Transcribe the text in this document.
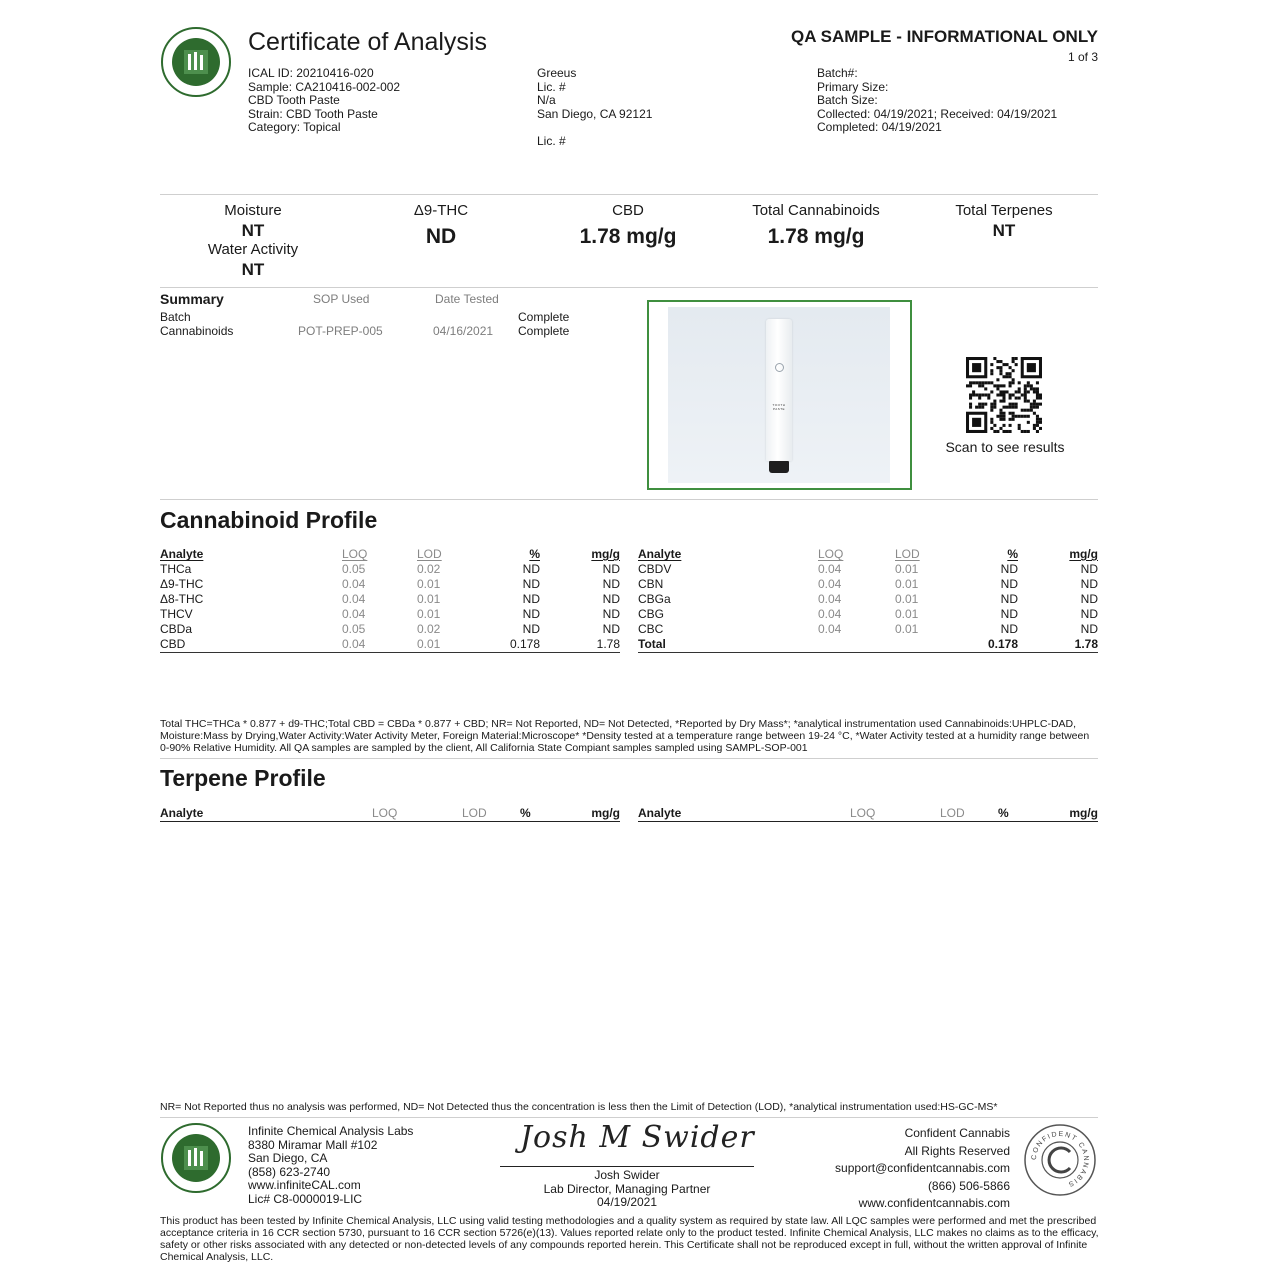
Certificate of Analysis	QA SAMPLE - INFORMATIONAL ONLY
1 of 3
ICAL ID: 20210416-020
Sample: CA210416-002-002
CBD Tooth Paste
Strain: CBD Tooth Paste
Category: Topical
Greeus
Lic. #
N/a
San Diego, CA 92121
Lic. #
Batch#:
Primary Size:
Batch Size:
Collected: 04/19/2021; Received: 04/19/2021
Completed: 04/19/2021
Moisture
NT
Water Activity
NT
Δ9-THC
ND
CBD
1.78 mg/g
Total Cannabinoids
1.78 mg/g
Total Terpenes
NT
Summary	SOP Used	Date Tested
Batch	Complete
Cannabinoids	POT-PREP-005	04/16/2021 Complete
TOOTH PASTE
Scan to see results
Cannabinoid Profile
Analyte	LOQ	LOD	%	mg/g
THCa	0.05	0.02	ND	ND
Δ9-THC	0.04	0.01	ND	ND
Δ8-THC	0.04	0.01	ND	ND
THCV	0.04	0.01	ND	ND
CBDa	0.05	0.02	ND	ND
CBD	0.04	0.01	0.178	1.78
Analyte	LOQ	LOD	%	mg/g
CBDV	0.04	0.01	ND	ND
CBN	0.04	0.01	ND	ND
CBGa	0.04	0.01	ND	ND
CBG	0.04	0.01	ND	ND
CBC	0.04	0.01	ND	ND
Total			0.178	1.78
Total THC=THCa * 0.877 + d9-THC;Total CBD = CBDa * 0.877 + CBD; NR= Not Reported, ND= Not Detected, *Reported by Dry Mass*; *analytical instrumentation used Cannabinoids:UHPLC-DAD, Moisture:Mass by Drying,Water Activity:Water Activity Meter, Foreign Material:Microscope* *Density tested at a temperature range between 19-24 °C, *Water Activity tested at a humidity range between 0-90% Relative Humidity. All QA samples are sampled by the client, All California State Compiant samples sampled using SAMPL-SOP-001
Terpene Profile
Analyte	LOQ	LOD	%	mg/g Analyte	LOQ	LOD	%	mg/g
NR= Not Reported thus no analysis was performed, ND= Not Detected thus the concentration is less then the Limit of Detection (LOD), *analytical instrumentation used:HS-GC-MS*
Infinite Chemical Analysis Labs
8380 Miramar Mall #102
San Diego, CA
(858) 623-2740
www.infiniteCAL.com
Lic# C8-0000019-LIC
Josh M Swider
Josh Swider
Lab Director, Managing Partner
04/19/2021
Confident Cannabis
All Rights Reserved
support@confidentcannabis.com
(866) 506-5866
www.confidentcannabis.com
CONFIDENT CANNABIS
This product has been tested by Infinite Chemical Analysis, LLC using valid testing methodologies and a quality system as required by state law. All LQC samples were performed and met the prescribed acceptance criteria in 16 CCR section 5730, pursuant to 16 CCR section 5726(e)(13). Values reported relate only to the product tested. Infinite Chemical Analysis, LLC makes no claims as to the efficacy, safety or other risks associated with any detected or non-detected levels of any compounds reported herein. This Certificate shall not be reproduced except in full, without the written approval of Infinite Chemical Analysis, LLC.
